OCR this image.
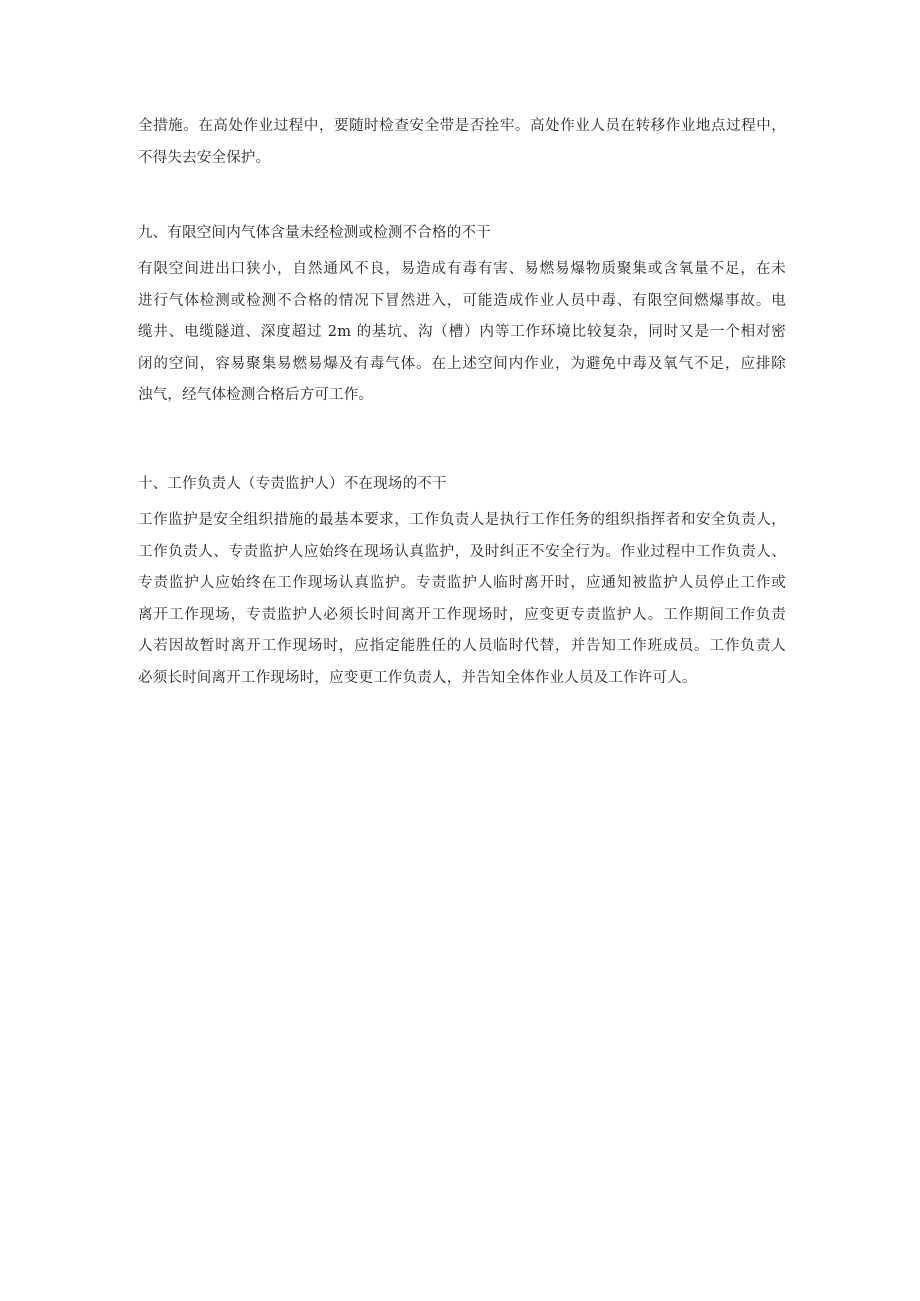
全措施。在高处作业过程中，要随时检查安全带是否拴牢。高处作业人员在转移作业地点过程中，
不得失去安全保护。
九、有限空间内气体含量未经检测或检测不合格的不干
有限空间进出口狭小，自然通风不良，易造成有毒有害、易燃易爆物质聚集或含氧量不足，在未
进行气体检测或检测不合格的情况下冒然进入，可能造成作业人员中毒、有限空间燃爆事故。电
缆井、电缆隧道、深度超过 2m 的基坑、沟（槽）内等工作环境比较复杂，同时又是一个相对密
闭的空间，容易聚集易燃易爆及有毒气体。在上述空间内作业，为避免中毒及氧气不足，应排除
浊气，经气体检测合格后方可工作。
十、工作负责人（专责监护人）不在现场的不干
工作监护是安全组织措施的最基本要求，工作负责人是执行工作任务的组织指挥者和安全负责人，
工作负责人、专责监护人应始终在现场认真监护，及时纠正不安全行为。作业过程中工作负责人、
专责监护人应始终在工作现场认真监护。专责监护人临时离开时，应通知被监护人员停止工作或
离开工作现场，专责监护人必须长时间离开工作现场时，应变更专责监护人。工作期间工作负责
人若因故暂时离开工作现场时，应指定能胜任的人员临时代替，并告知工作班成员。工作负责人
必须长时间离开工作现场时，应变更工作负责人，并告知全体作业人员及工作许可人。
